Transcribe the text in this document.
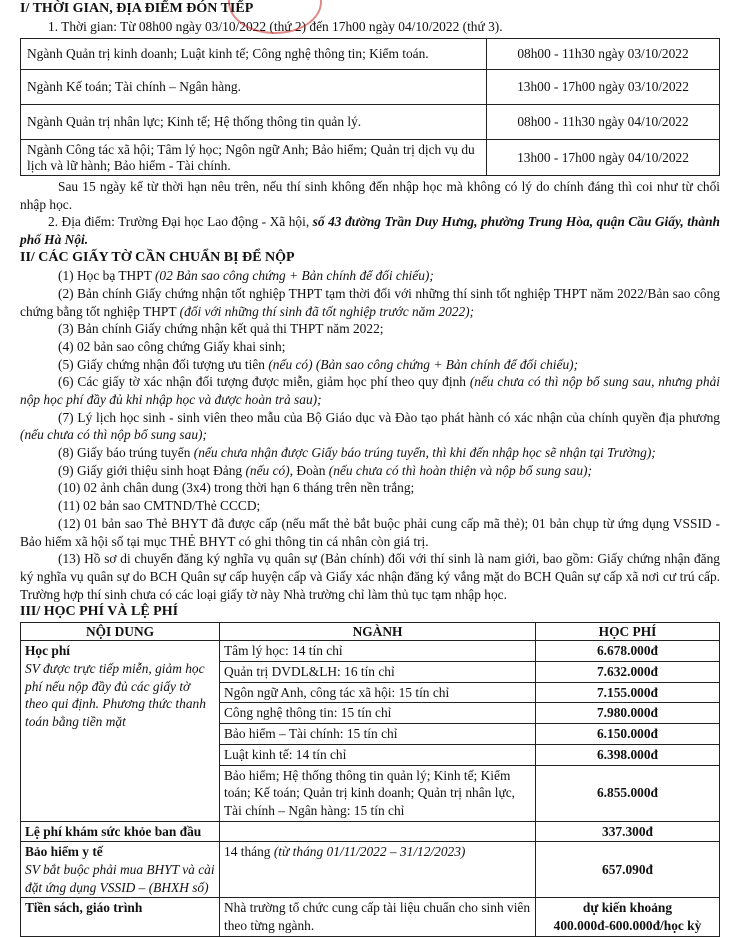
I/ THỜI GIAN, ĐỊA ĐIỂM ĐÓN TIẾP

1. Thời gian: Từ 08h00 ngày 03/10/2022 (thứ 2) đến 17h00 ngày 04/10/2022 (thứ 3).

Ngành Quản trị kinh doanh; Luật kinh tế; Công nghệ thông tin; Kiểm toán.	08h00 - 11h30 ngày 03/10/2022
Ngành Kế toán; Tài chính – Ngân hàng.	13h00 - 17h00 ngày 03/10/2022
Ngành Quản trị nhân lực; Kinh tế; Hệ thống thông tin quản lý.	08h00 - 11h30 ngày 04/10/2022
Ngành Công tác xã hội; Tâm lý học; Ngôn ngữ Anh; Bảo hiểm; Quản trị dịch vụ du lịch và lữ hành; Bảo hiểm - Tài chính.	13h00 - 17h00 ngày 04/10/2022

Sau 15 ngày kể từ thời hạn nêu trên, nếu thí sinh không đến nhập học mà không có lý do chính đáng thì coi như từ chối nhập học.

2. Địa điểm: Trường Đại học Lao động - Xã hội, số 43 đường Trần Duy Hưng, phường Trung Hòa, quận Cầu Giấy, thành phố Hà Nội.

II/ CÁC GIẤY TỜ CẦN CHUẨN BỊ ĐỂ NỘP

(1) Học bạ THPT (02 Bản sao công chứng + Bản chính để đối chiếu);

(2) Bản chính Giấy chứng nhận tốt nghiệp THPT tạm thời đối với những thí sinh tốt nghiệp THPT năm 2022/Bản sao công chứng bằng tốt nghiệp THPT (đối với những thí sinh đã tốt nghiệp trước năm 2022);

(3) Bản chính Giấy chứng nhận kết quả thi THPT năm 2022;

(4) 02 bản sao công chứng Giấy khai sinh;

(5) Giấy chứng nhận đối tượng ưu tiên (nếu có) (Bản sao công chứng + Bản chính để đối chiếu);

(6) Các giấy tờ xác nhận đối tượng được miễn, giảm học phí theo quy định (nếu chưa có thì nộp bổ sung sau, nhưng phải nộp học phí đầy đủ khi nhập học và được hoàn trả sau);

(7) Lý lịch học sinh - sinh viên theo mẫu của Bộ Giáo dục và Đào tạo phát hành có xác nhận của chính quyền địa phương (nếu chưa có thì nộp bổ sung sau);

(8) Giấy báo trúng tuyển (nếu chưa nhận được Giấy báo trúng tuyển, thì khi đến nhập học sẽ nhận tại Trường);

(9) Giấy giới thiệu sinh hoạt Đảng (nếu có), Đoàn (nếu chưa có thì hoàn thiện và nộp bổ sung sau);

(10) 02 ảnh chân dung (3x4) trong thời hạn 6 tháng trên nền trắng;

(11) 02 bản sao CMTND/Thẻ CCCD;

(12) 01 bản sao Thẻ BHYT đã được cấp (nếu mất thẻ bắt buộc phải cung cấp mã thẻ); 01 bản chụp từ ứng dụng VSSID - Bảo hiểm xã hội số tại mục THẺ BHYT có ghi thông tin cá nhân còn giá trị.

(13) Hồ sơ di chuyển đăng ký nghĩa vụ quân sự (Bản chính) đối với thí sinh là nam giới, bao gồm: Giấy chứng nhận đăng ký nghĩa vụ quân sự do BCH Quân sự cấp huyện cấp và Giấy xác nhận đăng ký vắng mặt do BCH Quân sự cấp xã nơi cư trú cấp. Trường hợp thí sinh chưa có các loại giấy tờ này Nhà trường chỉ làm thủ tục tạm nhập học.

III/ HỌC PHÍ VÀ LỆ PHÍ

NỘI DUNG	NGÀNH	HỌC PHÍ
Học phí
SV được trực tiếp miễn, giảm học phí nếu nộp đầy đủ các giấy tờ theo qui định. Phương thức thanh toán bằng tiền mặt	Tâm lý học: 14 tín chỉ	6.678.000đ
	Quản trị DVDL&LH: 16 tín chỉ	7.632.000đ
	Ngôn ngữ Anh, công tác xã hội: 15 tín chỉ	7.155.000đ
	Công nghệ thông tin: 15 tín chỉ	7.980.000đ
	Bảo hiểm – Tài chính: 15 tín chỉ	6.150.000đ
	Luật kinh tế: 14 tín chỉ	6.398.000đ
	Bảo hiểm; Hệ thống thông tin quản lý; Kinh tế; Kiểm toán; Kế toán; Quản trị kinh doanh; Quản trị nhân lực, Tài chính – Ngân hàng: 15 tín chỉ	6.855.000đ
Lệ phí khám sức khỏe ban đầu		337.300đ
Bảo hiểm y tế
SV bắt buộc phải mua BHYT và cài đặt ứng dụng VSSID – (BHXH số)	14 tháng (từ tháng 01/11/2022 – 31/12/2023)	657.090đ
Tiền sách, giáo trình	Nhà trường tổ chức cung cấp tài liệu chuẩn cho sinh viên theo từng ngành.	dự kiến khoảng
400.000đ-600.000đ/học kỳ
